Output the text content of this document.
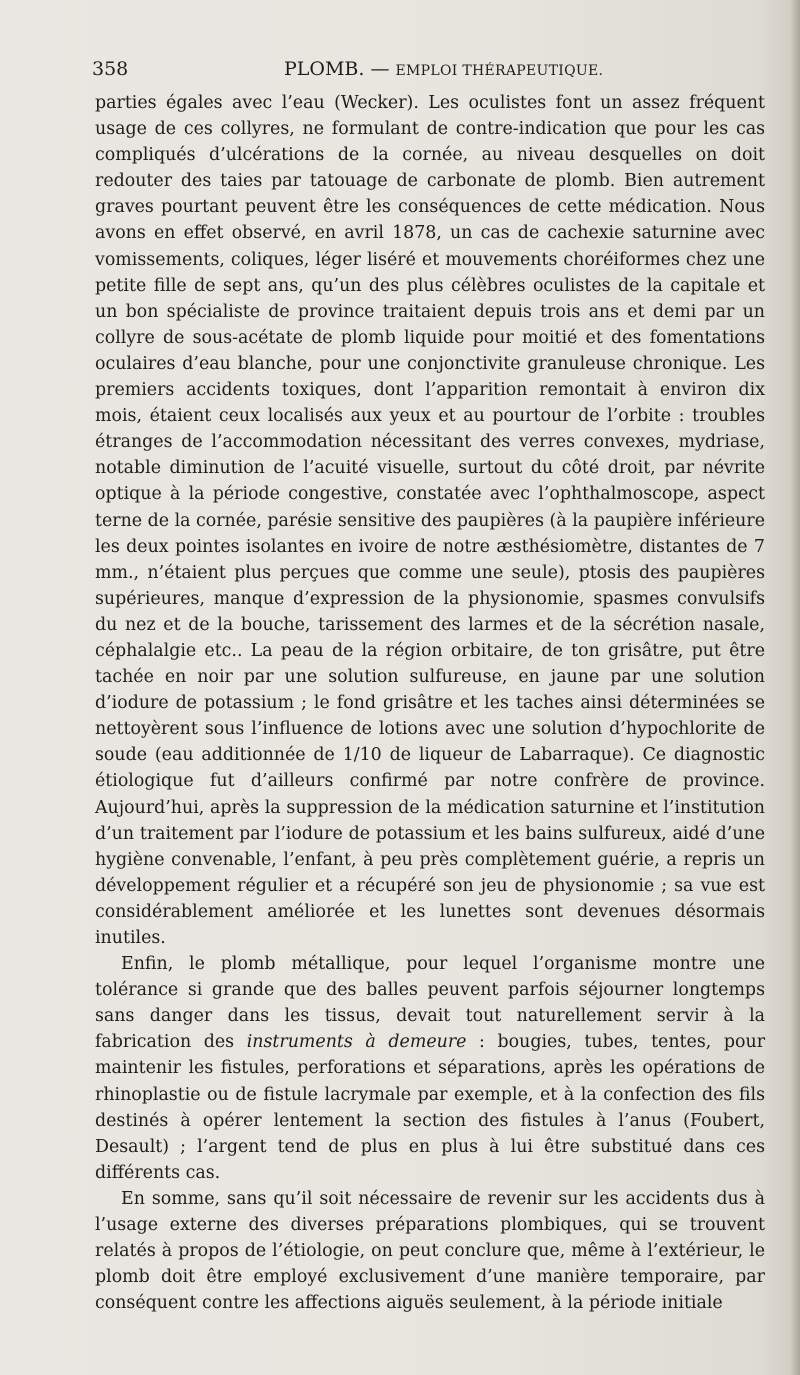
358	PLOMB. — EMPLOI THÉRAPEUTIQUE.

parties égales avec l’eau (Wecker). Les oculistes font un assez fréquent usage de ces collyres, ne formulant de contre-indication que pour les cas compliqués d’ulcérations de la cornée, au niveau desquelles on doit redouter des taies par tatouage de carbonate de plomb. Bien autrement graves pourtant peuvent être les conséquences de cette médication. Nous avons en effet observé, en avril 1878, un cas de cachexie saturnine avec vomissements, coliques, léger liséré et mouvements choréiformes chez une petite fille de sept ans, qu’un des plus célèbres oculistes de la capitale et un bon spécialiste de province traitaient depuis trois ans et demi par un collyre de sous-acétate de plomb liquide pour moitié et des fomentations oculaires d’eau blanche, pour une conjonctivite granuleuse chronique. Les premiers accidents toxiques, dont l’apparition remontait à environ dix mois, étaient ceux localisés aux yeux et au pourtour de l’orbite : troubles étranges de l’accommodation nécessitant des verres convexes, mydriase, notable diminution de l’acuité visuelle, surtout du côté droit, par névrite optique à la période congestive, constatée avec l’ophthalmoscope, aspect terne de la cornée, parésie sensitive des paupières (à la paupière inférieure les deux pointes isolantes en ivoire de notre æsthésiomètre, distantes de 7 mm., n’étaient plus perçues que comme une seule), ptosis des paupières supérieures, manque d’expression de la physionomie, spasmes convulsifs du nez et de la bouche, tarissement des larmes et de la sécrétion nasale, céphalalgie etc.. La peau de la région orbitaire, de ton grisâtre, put être tachée en noir par une solution sulfureuse, en jaune par une solution d’iodure de potassium ; le fond grisâtre et les taches ainsi déterminées se nettoyèrent sous l’influence de lotions avec une solution d’hypochlorite de soude (eau additionnée de 1/10 de liqueur de Labarraque). Ce diagnostic étiologique fut d’ailleurs confirmé par notre confrère de province. Aujourd’hui, après la suppression de la médication saturnine et l’institution d’un traitement par l’iodure de potassium et les bains sulfureux, aidé d’une hygiène convenable, l’enfant, à peu près complètement guérie, a repris un développement régulier et a récupéré son jeu de physionomie ; sa vue est considérablement améliorée et les lunettes sont devenues désormais inutiles.

Enfin, le plomb métallique, pour lequel l’organisme montre une tolérance si grande que des balles peuvent parfois séjourner longtemps sans danger dans les tissus, devait tout naturellement servir à la fabrication des instruments à demeure : bougies, tubes, tentes, pour maintenir les fistules, perforations et séparations, après les opérations de rhinoplastie ou de fistule lacrymale par exemple, et à la confection des fils destinés à opérer lentement la section des fistules à l’anus (Foubert, Desault) ; l’argent tend de plus en plus à lui être substitué dans ces différents cas.

En somme, sans qu’il soit nécessaire de revenir sur les accidents dus à l’usage externe des diverses préparations plombiques, qui se trouvent relatés à propos de l’étiologie, on peut conclure que, même à l’extérieur, le plomb doit être employé exclusivement d’une manière temporaire, par conséquent contre les affections aiguës seulement, à la période initiale
